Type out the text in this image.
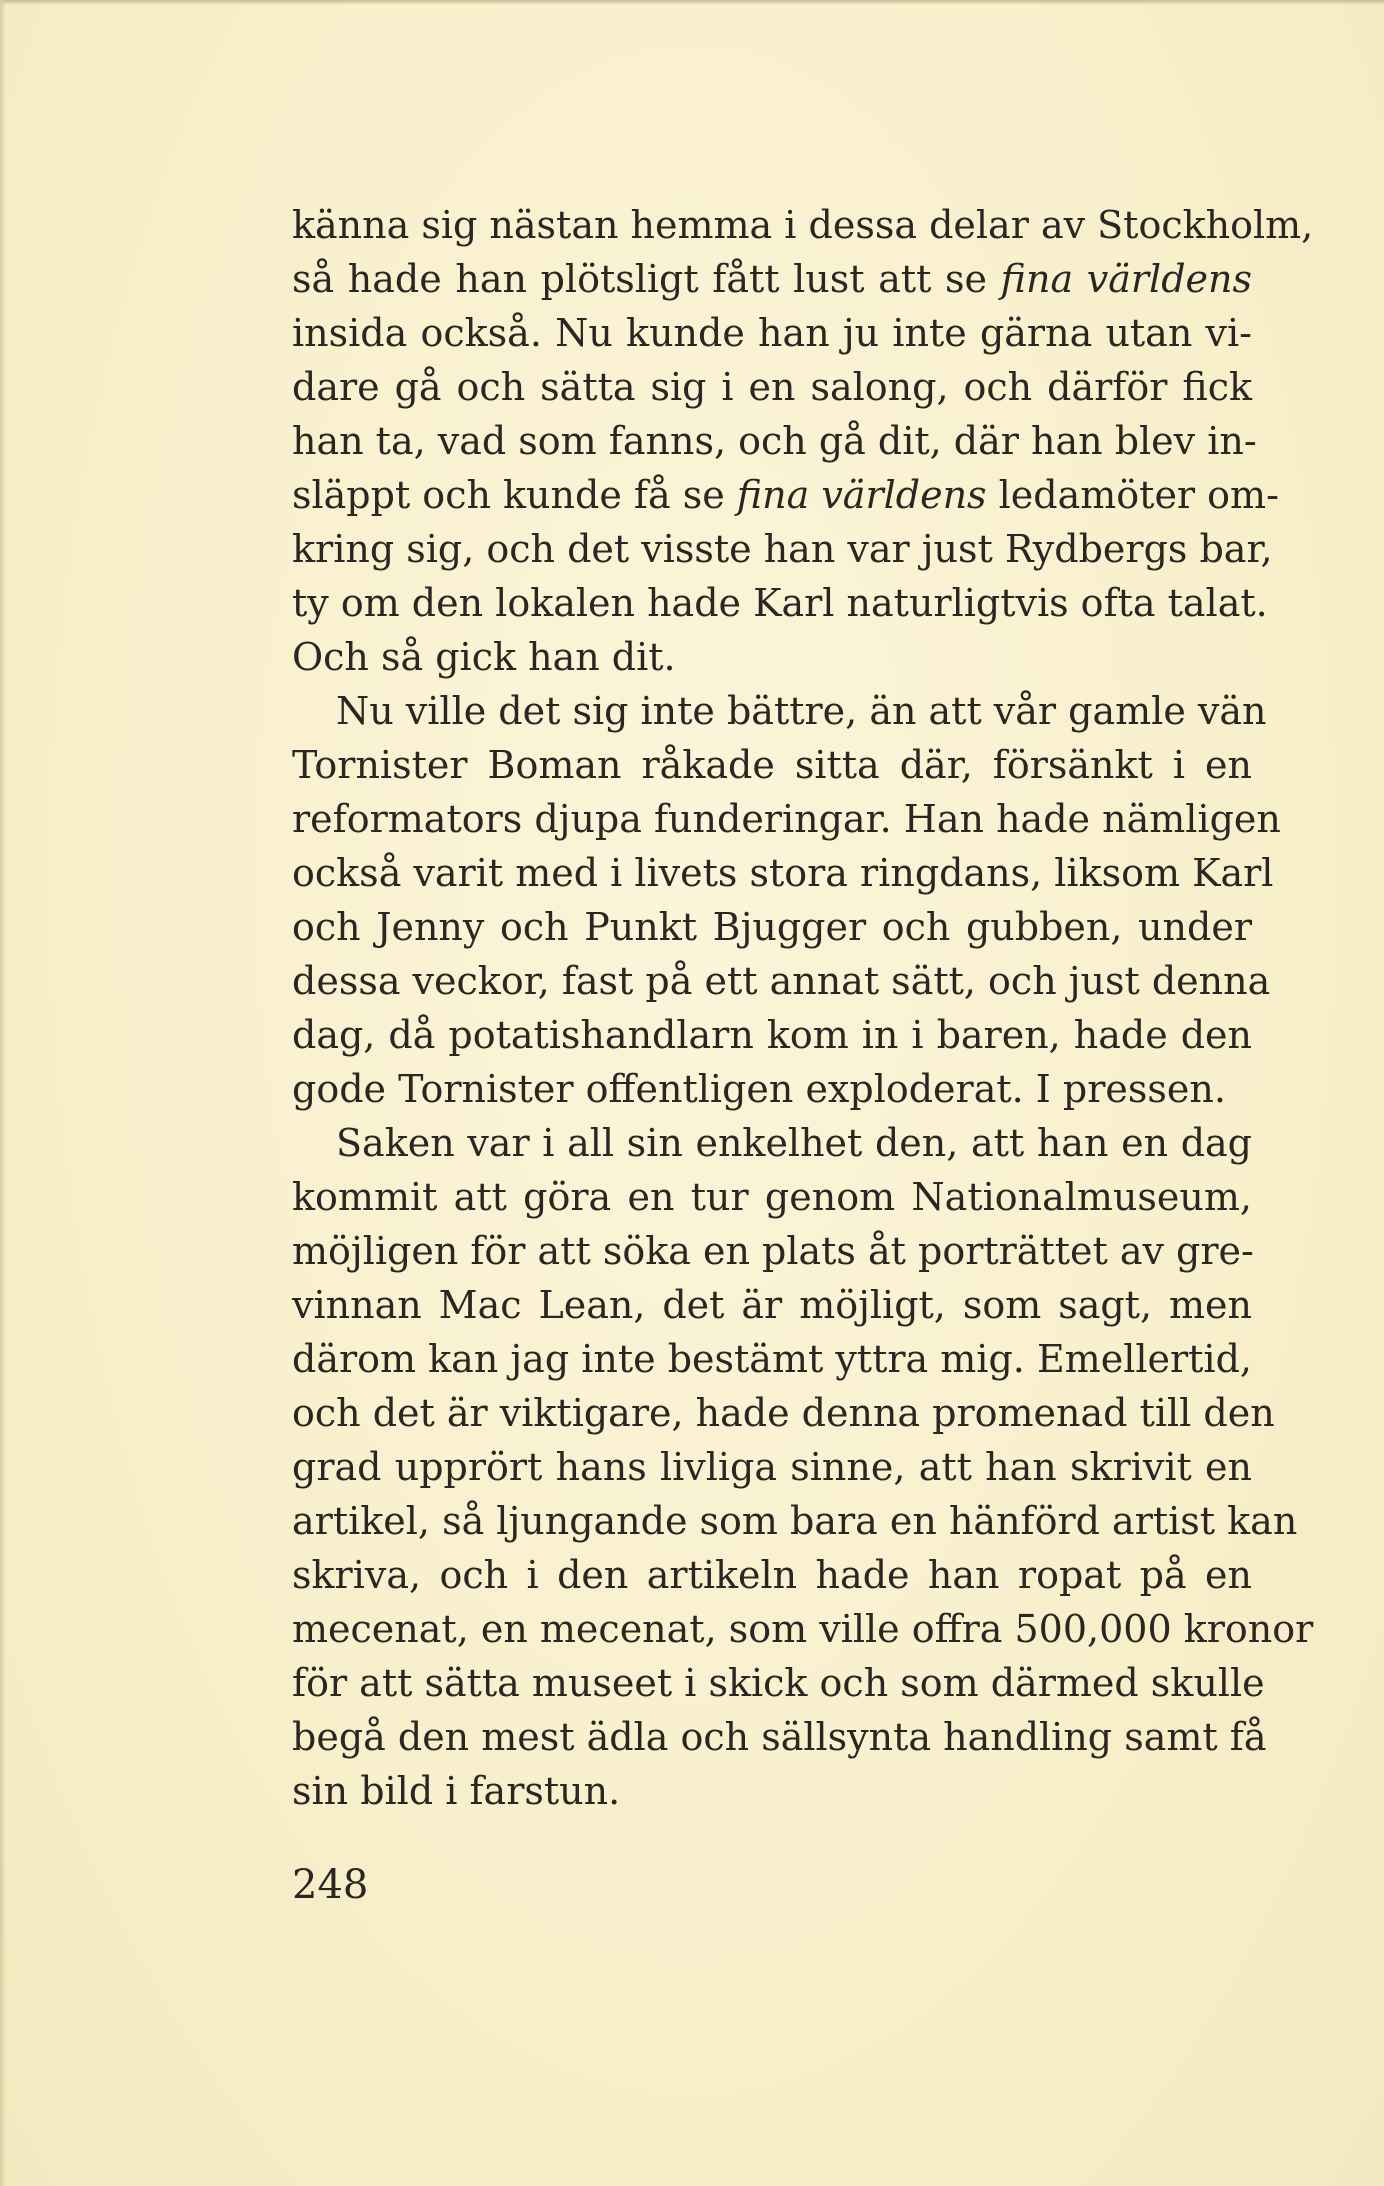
känna sig nästan hemma i dessa delar av Stockholm,
så hade han plötsligt fått lust att se fina världens
insida också. Nu kunde han ju inte gärna utan vi-
dare gå och sätta sig i en salong, och därför fick
han ta, vad som fanns, och gå dit, där han blev in-
släppt och kunde få se fina världens ledamöter om-
kring sig, och det visste han var just Rydbergs bar,
ty om den lokalen hade Karl naturligtvis ofta talat.
Och så gick han dit.
Nu ville det sig inte bättre, än att vår gamle vän
Tornister Boman råkade sitta där, försänkt i en
reformators djupa funderingar. Han hade nämligen
också varit med i livets stora ringdans, liksom Karl
och Jenny och Punkt Bjugger och gubben, under
dessa veckor, fast på ett annat sätt, och just denna
dag, då potatishandlarn kom in i baren, hade den
gode Tornister offentligen exploderat. I pressen.
Saken var i all sin enkelhet den, att han en dag
kommit att göra en tur genom Nationalmuseum,
möjligen för att söka en plats åt porträttet av gre-
vinnan Mac Lean, det är möjligt, som sagt, men
därom kan jag inte bestämt yttra mig. Emellertid,
och det är viktigare, hade denna promenad till den
grad upprört hans livliga sinne, att han skrivit en
artikel, så ljungande som bara en hänförd artist kan
skriva, och i den artikeln hade han ropat på en
mecenat, en mecenat, som ville offra 500,000 kronor
för att sätta museet i skick och som därmed skulle
begå den mest ädla och sällsynta handling samt få
sin bild i farstun.
248
